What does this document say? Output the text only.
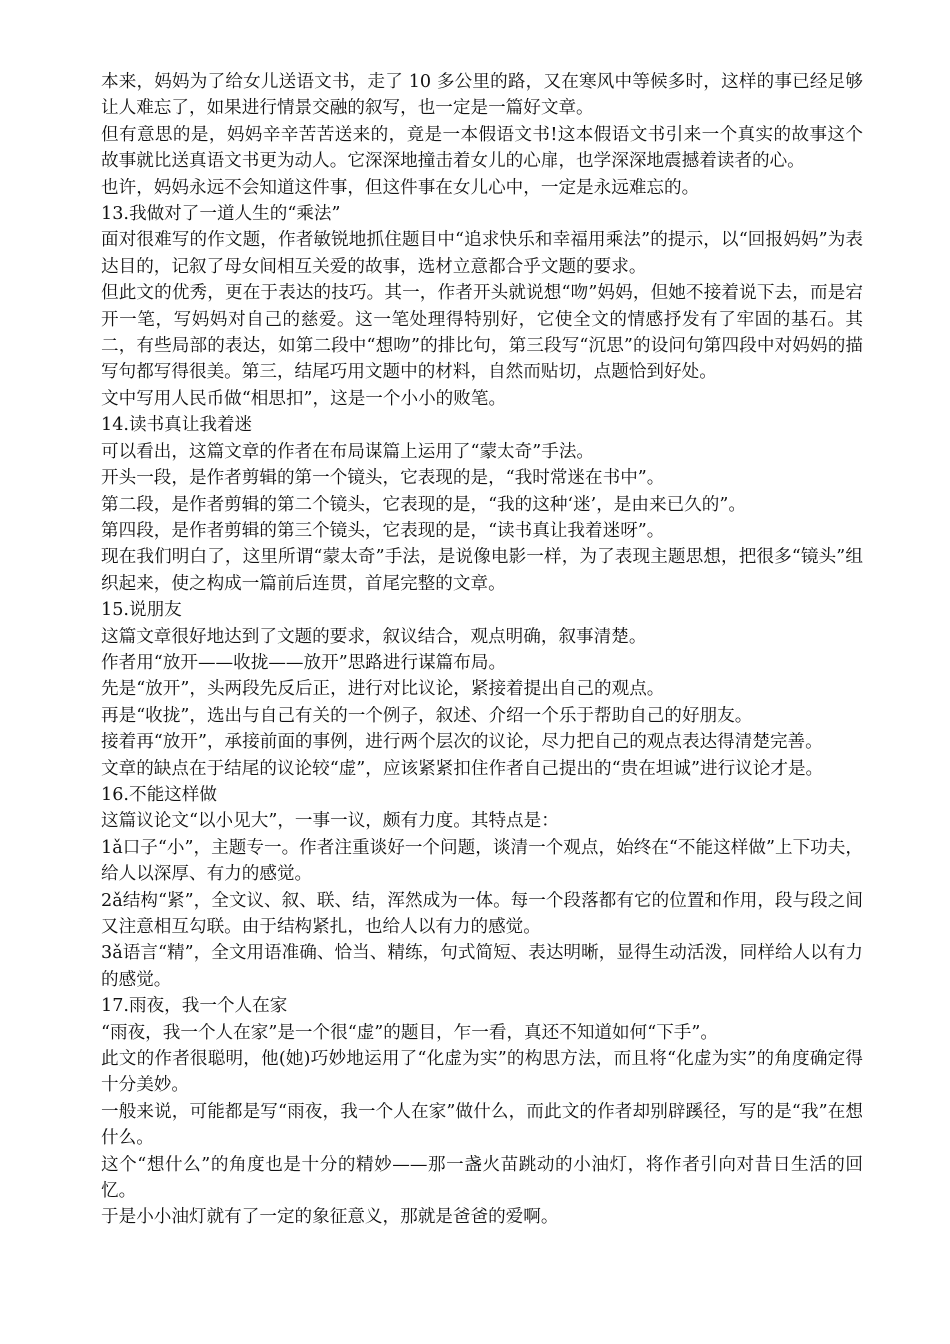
本来，妈妈为了给女儿送语文书，走了 10 多公里的路，又在寒风中等候多时，这样的事已经足够让人难忘了，如果进行情景交融的叙写，也一定是一篇好文章。

但有意思的是，妈妈辛辛苦苦送来的，竟是一本假语文书!这本假语文书引来一个真实的故事这个故事就比送真语文书更为动人。它深深地撞击着女儿的心扉，也学深深地震撼着读者的心。

也许，妈妈永远不会知道这件事，但这件事在女儿心中，一定是永远难忘的。

13.我做对了一道人生的“乘法”

面对很难写的作文题，作者敏锐地抓住题目中“追求快乐和幸福用乘法”的提示，以“回报妈妈”为表达目的，记叙了母女间相互关爱的故事，选材立意都合乎文题的要求。

但此文的优秀，更在于表达的技巧。其一，作者开头就说想“吻”妈妈，但她不接着说下去，而是宕开一笔，写妈妈对自己的慈爱。这一笔处理得特别好，它使全文的情感抒发有了牢固的基石。其二，有些局部的表达，如第二段中“想吻”的排比句，第三段写“沉思”的设问句第四段中对妈妈的描写句都写得很美。第三，结尾巧用文题中的材料，自然而贴切，点题恰到好处。

文中写用人民币做“相思扣”，这是一个小小的败笔。

14.读书真让我着迷

可以看出，这篇文章的作者在布局谋篇上运用了“蒙太奇”手法。

开头一段，是作者剪辑的第一个镜头，它表现的是，“我时常迷在书中”。

第二段，是作者剪辑的第二个镜头，它表现的是，“我的这种‘迷’，是由来已久的”。

第四段，是作者剪辑的第三个镜头，它表现的是，“读书真让我着迷呀”。

现在我们明白了，这里所谓“蒙太奇”手法，是说像电影一样，为了表现主题思想，把很多“镜头”组织起来，使之构成一篇前后连贯，首尾完整的文章。

15.说朋友

这篇文章很好地达到了文题的要求，叙议结合，观点明确，叙事清楚。

作者用“放开——收拢——放开”思路进行谋篇布局。

先是“放开”，头两段先反后正，进行对比议论，紧接着提出自己的观点。

再是“收拢”，选出与自己有关的一个例子，叙述、介绍一个乐于帮助自己的好朋友。

接着再“放开”，承接前面的事例，进行两个层次的议论，尽力把自己的观点表达得清楚完善。

文章的缺点在于结尾的议论较“虚”，应该紧紧扣住作者自己提出的“贵在坦诚”进行议论才是。

16.不能这样做

这篇议论文“以小见大”，一事一议，颇有力度。其特点是：

1ǎ口子“小”，主题专一。作者注重谈好一个问题，谈清一个观点，始终在“不能这样做”上下功夫，给人以深厚、有力的感觉。

2ǎ结构“紧”，全文议、叙、联、结，浑然成为一体。每一个段落都有它的位置和作用，段与段之间又注意相互勾联。由于结构紧扎，也给人以有力的感觉。

3ǎ语言“精”，全文用语准确、恰当、精练，句式简短、表达明晰，显得生动活泼，同样给人以有力的感觉。

17.雨夜，我一个人在家

“雨夜，我一个人在家”是一个很“虚”的题目，乍一看，真还不知道如何“下手”。

此文的作者很聪明，他(她)巧妙地运用了“化虚为实”的构思方法，而且将“化虚为实”的角度确定得十分美妙。

一般来说，可能都是写“雨夜，我一个人在家”做什么，而此文的作者却别辟蹊径，写的是“我”在想什么。

这个“想什么”的角度也是十分的精妙——那一盏火苗跳动的小油灯，将作者引向对昔日生活的回忆。

于是小小油灯就有了一定的象征意义，那就是爸爸的爱啊。
